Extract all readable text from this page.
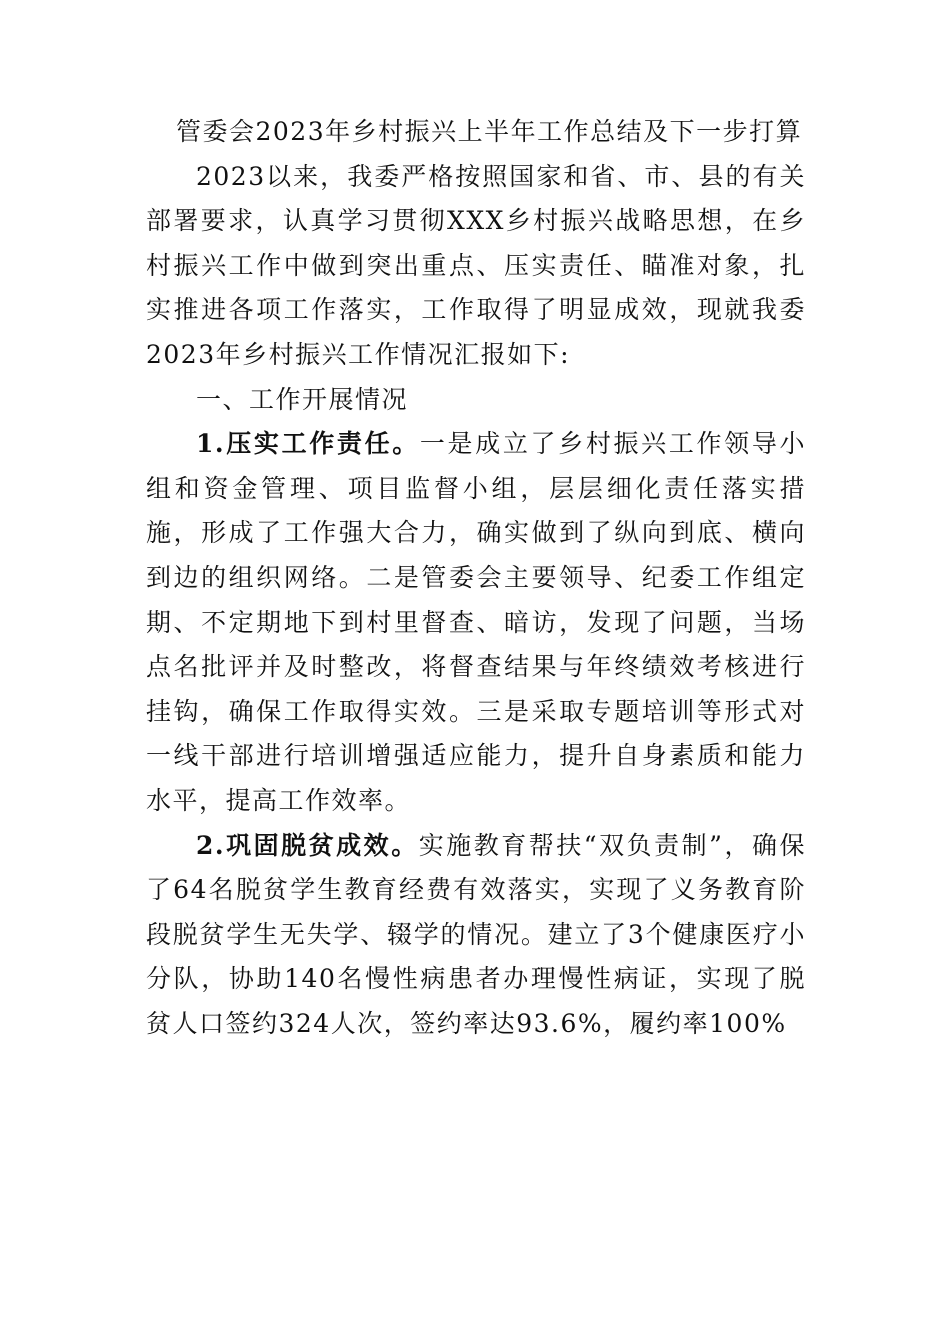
管委会2023年乡村振兴上半年工作总结及下一步打算

2023以来，我委严格按照国家和省、市、县的有关部署要求，认真学习贯彻XXX乡村振兴战略思想，在乡村振兴工作中做到突出重点、压实责任、瞄准对象，扎实推进各项工作落实，工作取得了明显成效，现就我委2023年乡村振兴工作情况汇报如下:

一、工作开展情况

1.压实工作责任。一是成立了乡村振兴工作领导小组和资金管理、项目监督小组，层层细化责任落实措施，形成了工作强大合力，确实做到了纵向到底、横向到边的组织网络。二是管委会主要领导、纪委工作组定期、不定期地下到村里督查、暗访，发现了问题，当场点名批评并及时整改，将督查结果与年终绩效考核进行挂钩，确保工作取得实效。三是采取专题培训等形式对一线干部进行培训增强适应能力，提升自身素质和能力水平，提高工作效率。

2.巩固脱贫成效。实施教育帮扶“双负责制”，确保了64名脱贫学生教育经费有效落实，实现了义务教育阶段脱贫学生无失学、辍学的情况。建立了3个健康医疗小分队，协助140名慢性病患者办理慢性病证，实现了脱贫人口签约324人次，签约率达93.6%，履约率100%
